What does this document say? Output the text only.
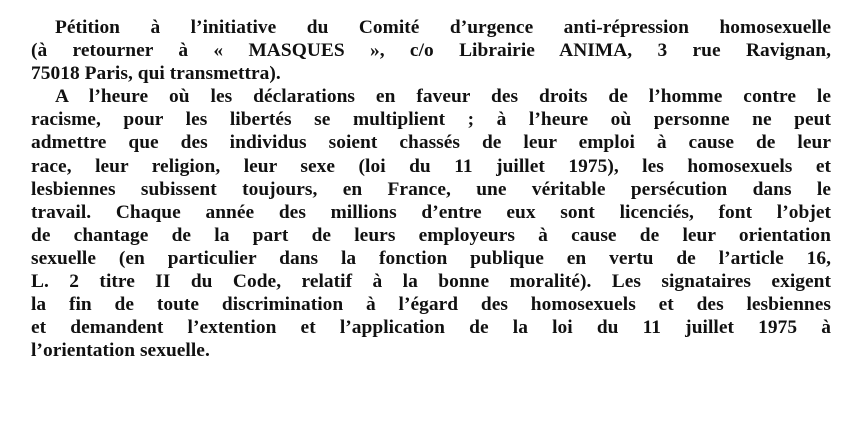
Pétition à l’initiative du Comité d’urgence anti-répression homosexuelle
(à retourner à « MASQUES », c/o Librairie ANIMA, 3 rue Ravignan,
75018 Paris, qui transmettra).
A l’heure où les déclarations en faveur des droits de l’homme contre le
racisme, pour les libertés se multiplient ; à l’heure où personne ne peut
admettre que des individus soient chassés de leur emploi à cause de leur
race, leur religion, leur sexe (loi du 11 juillet 1975), les homosexuels et
lesbiennes subissent toujours, en France, une véritable persécution dans le
travail. Chaque année des millions d’entre eux sont licenciés, font l’objet
de chantage de la part de leurs employeurs à cause de leur orientation
sexuelle (en particulier dans la fonction publique en vertu de l’article 16,
L. 2 titre II du Code, relatif à la bonne moralité). Les signataires exigent
la fin de toute discrimination à l’égard des homosexuels et des lesbiennes
et demandent l’extention et l’application de la loi du 11 juillet 1975 à
l’orientation sexuelle.
